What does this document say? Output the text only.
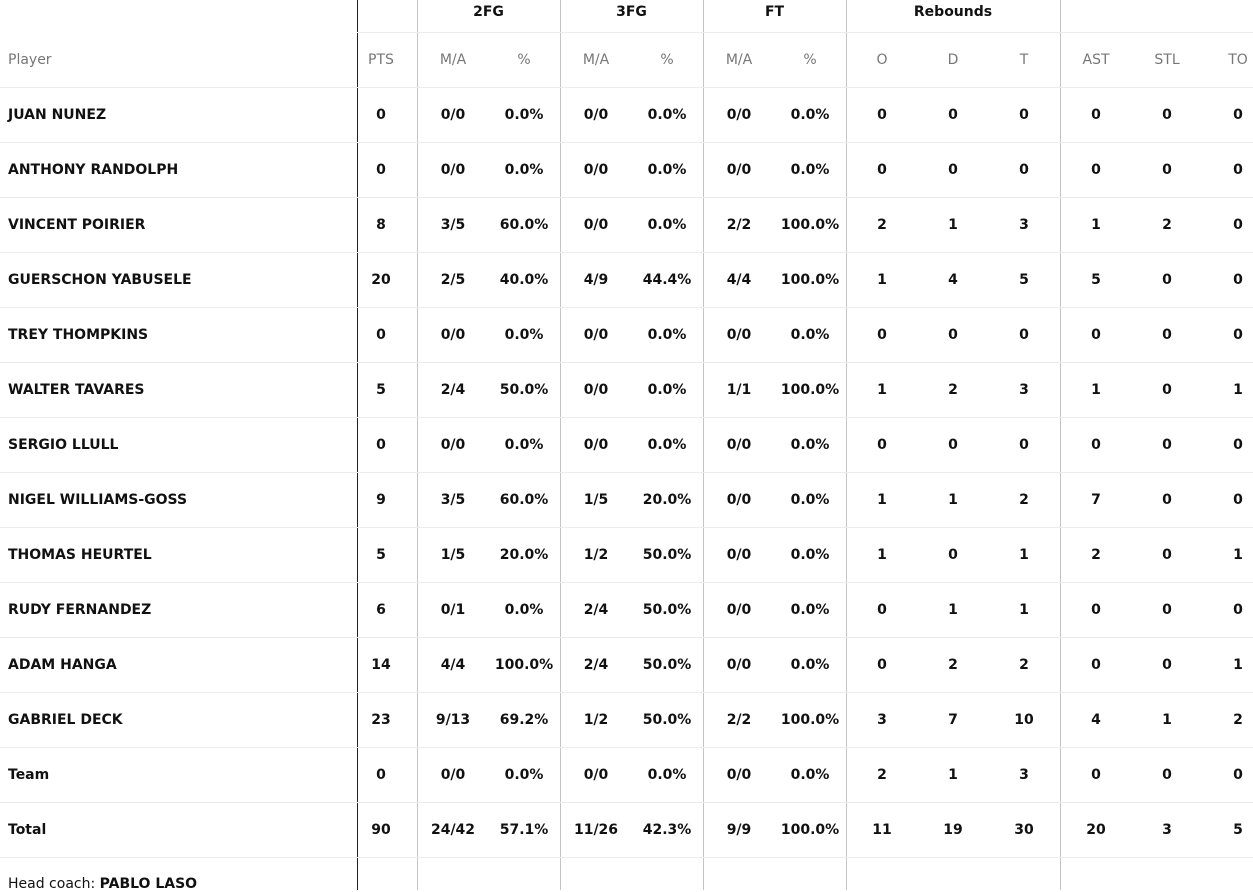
2FG	3FG	FT	Rebounds
Player	PTS	M/A	%	M/A	%	M/A	%	O	D	T	AST	STL	TO
JUAN NUNEZ	0	0/0	0.0%	0/0	0.0%	0/0	0.0%	0	0	0	0	0	0
ANTHONY RANDOLPH	0	0/0	0.0%	0/0	0.0%	0/0	0.0%	0	0	0	0	0	0
VINCENT POIRIER	8	3/5 60.0%	0/0	0.0%	2/2 100.0%	2	1	3	1	2	0
GUERSCHON YABUSELE	20	2/5 40.0%	4/9 44.4%	4/4 100.0%	1	4	5	5	0	0
TREY THOMPKINS	0	0/0	0.0%	0/0	0.0%	0/0	0.0%	0	0	0	0	0	0
WALTER TAVARES	5	2/4 50.0%	0/0	0.0%	1/1 100.0%	1	2	3	1	0	1
SERGIO LLULL	0	0/0	0.0%	0/0	0.0%	0/0	0.0%	0	0	0	0	0	0
NIGEL WILLIAMS-GOSS	9	3/5 60.0%	1/5 20.0%	0/0	0.0%	1	1	2	7	0	0
THOMAS HEURTEL	5	1/5 20.0%	1/2 50.0%	0/0	0.0%	1	0	1	2	0	1
RUDY FERNANDEZ	6	0/1	0.0%	2/4 50.0%	0/0	0.0%	0	1	1	0	0	0
ADAM HANGA	14	4/4 100.0% 2/4 50.0%	0/0	0.0%	0	2	2	0	0	1
GABRIEL DECK	23	9/13 69.2%	1/2 50.0%	2/2 100.0%	3	7	10	4	1	2
Team	0	0/0	0.0%	0/0	0.0%	0/0	0.0%	2	1	3	0	0	0
Total	90	24/42 57.1% 11/26 42.3%	9/9 100.0% 11	19	30	20	3	5
Head coach: PABLO LASO
